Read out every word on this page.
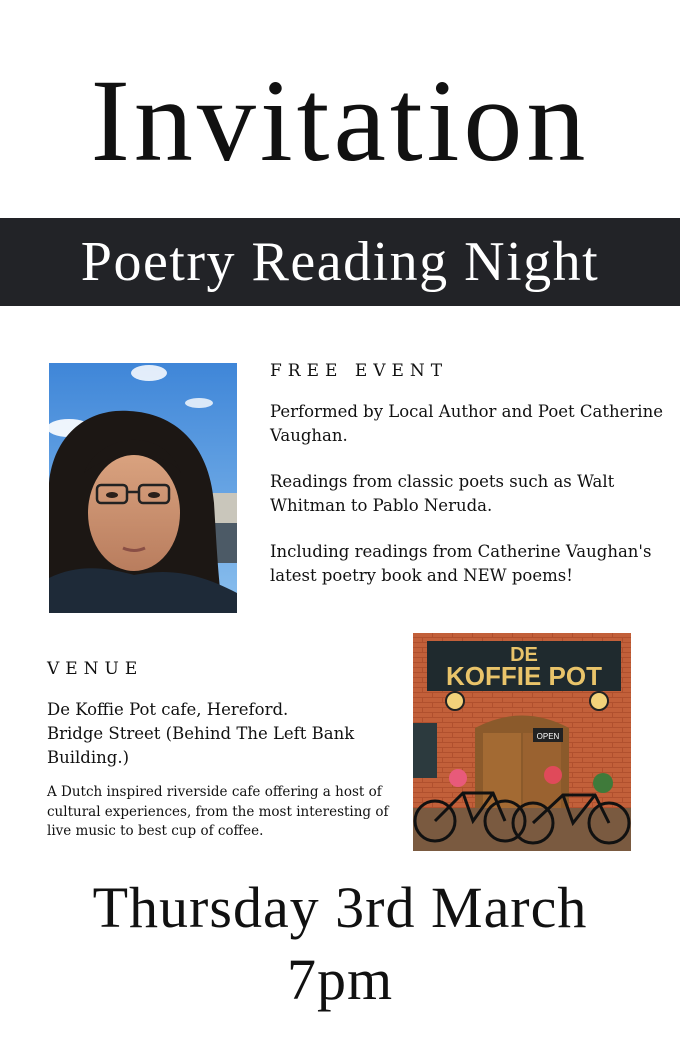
Invitation
Poetry Reading Night
FREE EVENT

Performed by Local Author and Poet Catherine Vaughan.

Readings from classic poets such as Walt Whitman to Pablo Neruda.

Including readings from Catherine Vaughan's latest poetry book and NEW poems!

VENUE

De Koffie Pot cafe, Hereford.

Bridge Street (Behind The Left Bank Building.)

A Dutch inspired riverside cafe offering a host of cultural experiences, from the most interesting of live music to best cup of coffee.

DE
KOFFIE POT
OPEN
Thursday 3rd March
7pm
